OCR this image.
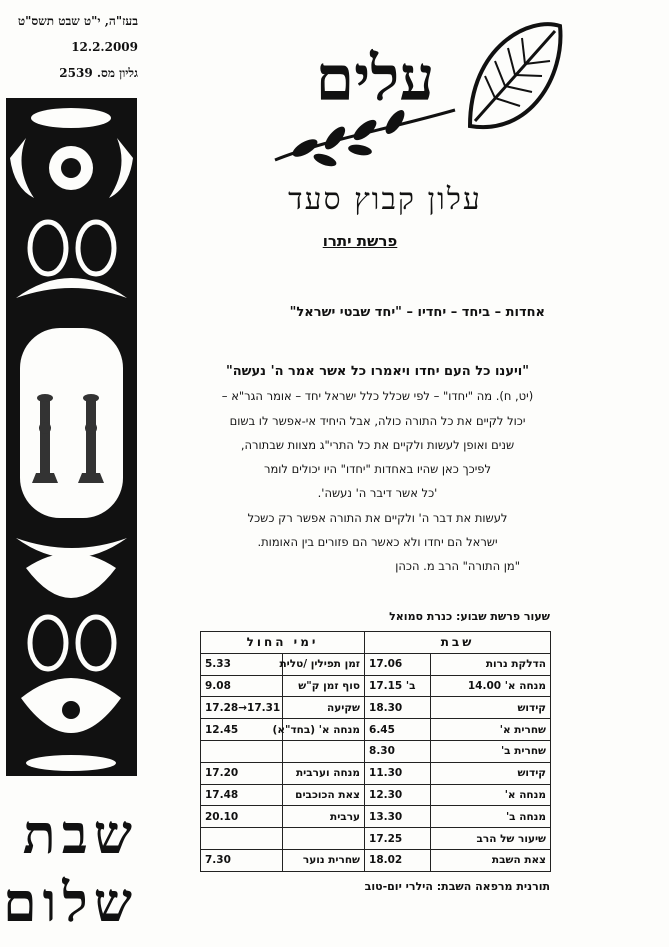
בעז"ה, י"ט שבט תשס"ט
12.2.2009
גליון מס. 2539
שבת
שלום
עלים
עלון קבוץ סעד
פרשת יתרו
אחדות – ביחד – יחדיו – "יחד שבטי ישראל"
"ויענו כל העם יחדו ויאמרו כל אשר אמר ה' נעשה"
(יט, ח). מה "יחדו" – לפי שכלל כלל ישראל יחד – אומר הגר"א –
יכול לקיים את כל התורה כולה, אבל היחיד אי-אפשר לו בשום
שנים ואופן לעשות ולקיים את כל התרי"ג מצוות שבתורה,
לפיכך כאן שהיו באחדות "יחדו" היו יכולים לומר
'כל אשר דיבר ה' נעשה'.
לעשות את דבר ה' ולקיים את התורה אפשר רק כשכל
ישראל הם יחדו ולא כאשר הם פזורים בין האומות.
"מן התורה" הרב מ. הכהן
שעור פרשת שבוע: כנרת סמואל
ימי החול		שבת	
5.33	זמן תפילין /טלית	17.06	הדלקת נרות
9.08	סוף זמן ק"ש	ב' 17.15	מנחה א' 14.00
17.28→17.31	שקיעה	18.30	קידוש
12.45	מנחה א' (בחד"א)	6.45	שחרית א'
		8.30	שחרית ב'
17.20	מנחה וערבית	11.30	קידוש
17.48	צאת הכוכבים	12.30	מנחה א'
20.10	ערבית	13.30	מנחה ב'
		17.25	שיעור של הרב
7.30	שחרית נוער	18.02	צאת השבת
תורנית מרפאה השבת: הילרי יום-טוב
